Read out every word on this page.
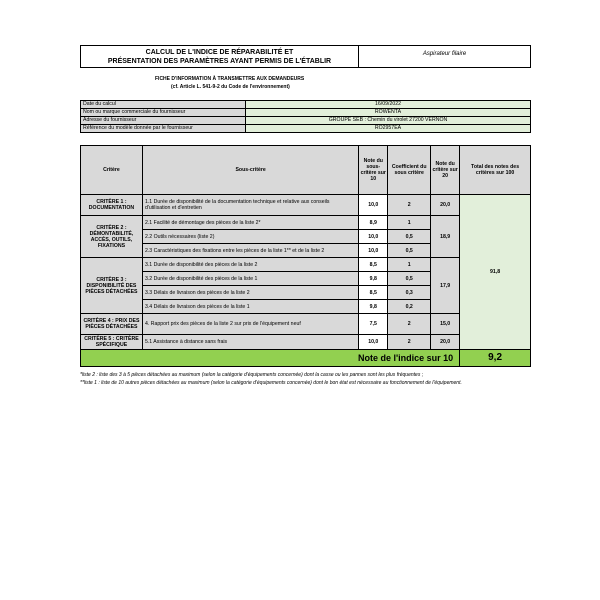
CALCUL DE L'INDICE DE RÉPARABILITÉ ET
PRÉSENTATION DES PARAMÈTRES AYANT PERMIS DE L'ÉTABLIR
Aspirateur filaire
FICHE D'INFORMATION À TRANSMETTRE AUX DEMANDEURS
(cf. Article L. 541-9-2 du Code de l'environnement)
Date du calcul	16/09/2022
Nom ou marque commerciale du fournisseur	ROWENTA
Adresse du fournisseur	GROUPE SEB : Chemin du virolet 27200 VERNON
Référence du modèle donnée par le fournisseur	RO2957EA
Critère	Sous-critère	Note du sous-critère sur 10	Coefficient du sous critère	Note du critère sur 20	Total des notes des critères sur 100
CRITÈRE 1 : DOCUMENTATION	1.1 Durée de disponibilité de la documentation technique et relative aux conseils d'utilisation et d'entretien	10,0	2	20,0	91,8
CRITÈRE 2 : DÉMONTABILITÉ, ACCÈS, OUTILS, FIXATIONS	2.1 Facilité de démontage des pièces de la liste 2*	8,9	1	18,9	
	2.2 Outils nécessaires (liste 2)	10,0	0,5		
	2.3 Caractéristiques des fixations entre les pièces de la liste 1** et de la liste 2	10,0	0,5		
CRITÈRE 3 : DISPONIBILITÉ DES PIÈCES DÉTACHÉES	3.1 Durée de disponibilité des pièces de la liste 2	8,5	1	17,9	
	3.2 Durée de disponibilité des pièces de la liste 1	9,8	0,5		
	3.3 Délais de livraison des pièces de la liste 2	8,5	0,3		
	3.4 Délais de livraison des pièces de la liste 1	9,8	0,2		
CRITÈRE 4 : PRIX DES PIÈCES DÉTACHÉES	4. Rapport prix des pièces de la liste 2 sur prix de l'équipement neuf	7,5	2	15,0	
CRITÈRE 5 : CRITÈRE SPÉCIFIQUE	5.1 Assistance à distance sans frais	10,0	2	20,0	
Note de l'indice sur 10					9,2
*liste 2 : liste des 3 à 5 pièces détachées au maximum (selon la catégorie d'équipements concernée) dont la casse ou les pannes sont les plus fréquentes ;
**liste 1 : liste de 10 autres pièces détachées au maximum (selon la catégorie d'équipements concernée) dont le bon état est nécessaire au fonctionnement de l'équipement.
